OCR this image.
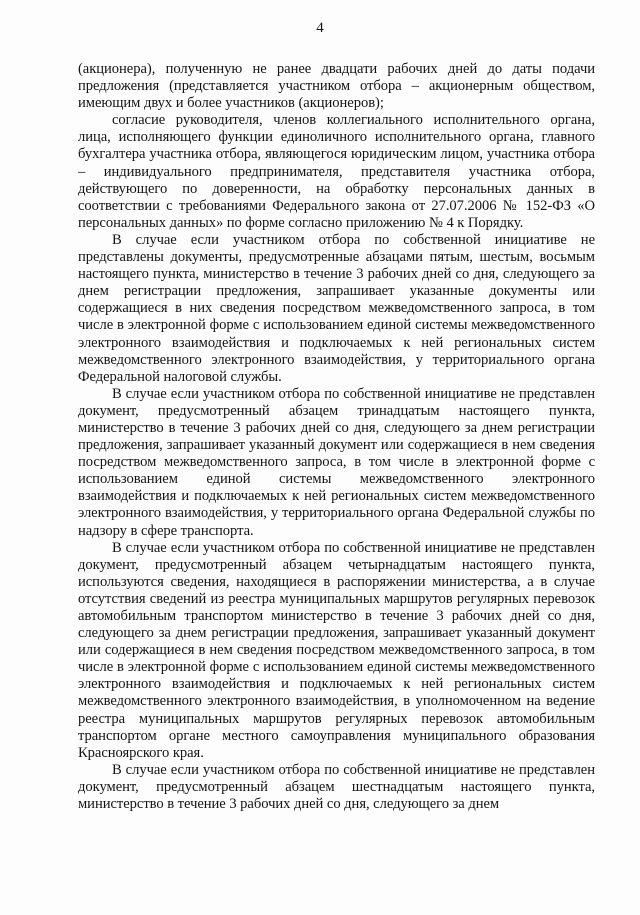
4

(акционера), полученную не ранее двадцати рабочих дней до даты подачи предложения (представляется участником отбора – акционерным обществом, имеющим двух и более участников (акционеров);

согласие руководителя, членов коллегиального исполнительного органа, лица, исполняющего функции единоличного исполнительного органа, главного бухгалтера участника отбора, являющегося юридическим лицом, участника отбора – индивидуального предпринимателя, представителя участника отбора, действующего по доверенности, на обработку персональных данных в соответствии с требованиями Федерального закона от 27.07.2006 № 152-ФЗ «О персональных данных» по форме согласно приложению № 4 к Порядку.

В случае если участником отбора по собственной инициативе не представлены документы, предусмотренные абзацами пятым, шестым, восьмым настоящего пункта, министерство в течение 3 рабочих дней со дня, следующего за днем регистрации предложения, запрашивает указанные документы или содержащиеся в них сведения посредством межведомственного запроса, в том числе в электронной форме с использованием единой системы межведомственного электронного взаимодействия и подключаемых к ней региональных систем межведомственного электронного взаимодействия, у территориального органа Федеральной налоговой службы.

В случае если участником отбора по собственной инициативе не представлен документ, предусмотренный абзацем тринадцатым настоящего пункта, министерство в течение 3 рабочих дней со дня, следующего за днем регистрации предложения, запрашивает указанный документ или содержащиеся в нем сведения посредством межведомственного запроса, в том числе в электронной форме с использованием единой системы межведомственного электронного взаимодействия и подключаемых к ней региональных систем межведомственного электронного взаимодействия, у территориального органа Федеральной службы по надзору в сфере транспорта.

В случае если участником отбора по собственной инициативе не представлен документ, предусмотренный абзацем четырнадцатым настоящего пункта, используются сведения, находящиеся в распоряжении министерства, а в случае отсутствия сведений из реестра муниципальных маршрутов регулярных перевозок автомобильным транспортом министерство в течение 3 рабочих дней со дня, следующего за днем регистрации предложения, запрашивает указанный документ или содержащиеся в нем сведения посредством межведомственного запроса, в том числе в электронной форме с использованием единой системы межведомственного электронного взаимодействия и подключаемых к ней региональных систем межведомственного электронного взаимодействия, в уполномоченном на ведение реестра муниципальных маршрутов регулярных перевозок автомобильным транспортом органе местного самоуправления муниципального образования Красноярского края.

В случае если участником отбора по собственной инициативе не представлен документ, предусмотренный абзацем шестнадцатым настоящего пункта, министерство в течение 3 рабочих дней со дня, следующего за днем
